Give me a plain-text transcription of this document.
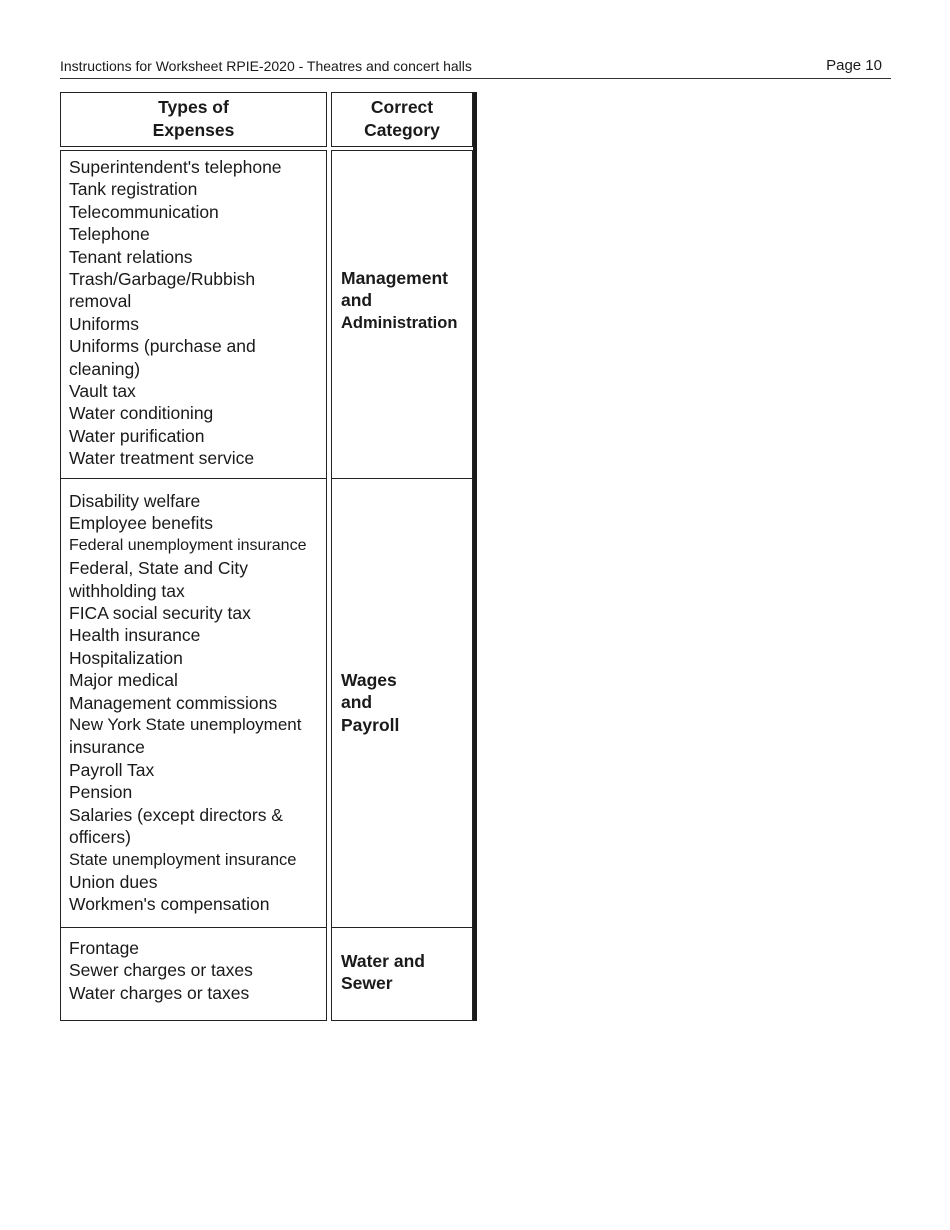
Instructions for Worksheet RPIE-2020 - Theatres and concert halls	Page 10
Types of
Expenses
Correct
Category
Superintendent's telephone
Tank registration
Telecommunication
Telephone
Tenant relations
Trash/Garbage/Rubbish
removal
Uniforms
Uniforms (purchase and
cleaning)
Vault tax
Water conditioning
Water purification
Water treatment service
Management
and
Administration
Disability welfare
Employee benefits
Federal unemployment insurance
Federal, State and City
withholding tax
FICA social security tax
Health insurance
Hospitalization
Major medical
Management commissions
New York State unemployment
insurance
Payroll Tax
Pension
Salaries (except directors &
officers)
State unemployment insurance
Union dues
Workmen's compensation
Wages
and
Payroll
Frontage
Sewer charges or taxes
Water charges or taxes
Water and
Sewer
